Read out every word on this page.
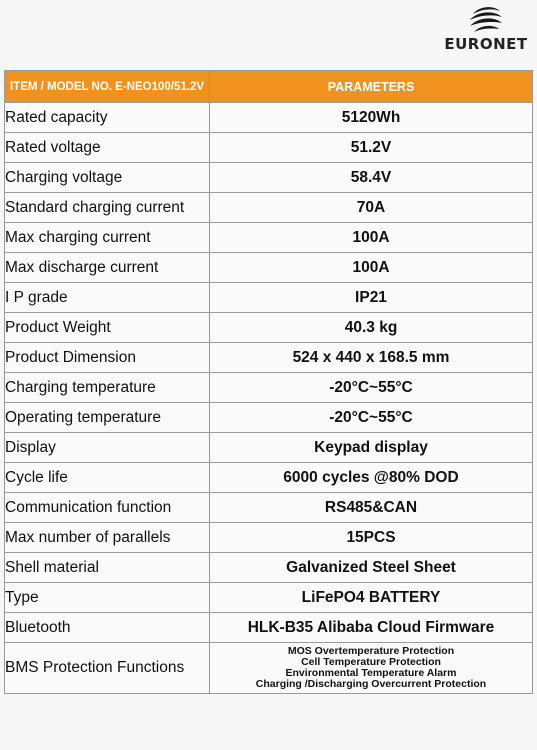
EURONET
ITEM / MODEL NO. E-NEO100/51.2V	PARAMETERS
Rated capacity	5120Wh
Rated voltage	51.2V
Charging voltage	58.4V
Standard charging current	70A
Max charging current	100A
Max discharge current	100A
I P grade	IP21
Product Weight	40.3 kg
Product Dimension	524 x 440 x 168.5 mm
Charging temperature	-20°C~55°C
Operating temperature	-20°C~55°C
Display	Keypad display
Cycle life	6000 cycles @80% DOD
Communication function	RS485&CAN
Max number of parallels	15PCS
Shell material	Galvanized Steel Sheet
Type	LiFePO4 BATTERY
Bluetooth	HLK-B35 Alibaba Cloud Firmware
BMS Protection Functions	MOS Overtemperature Protection
Cell Temperature Protection
Environmental Temperature Alarm
Charging /Discharging Overcurrent Protection
